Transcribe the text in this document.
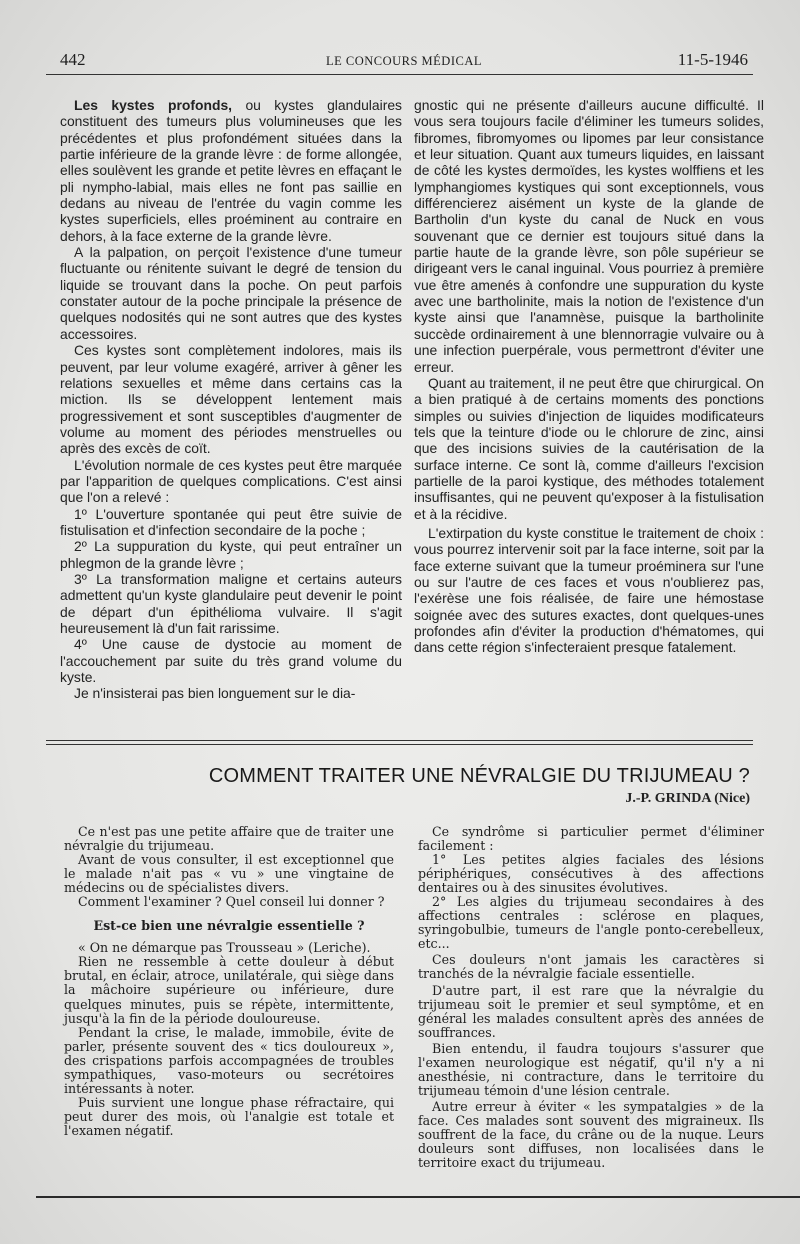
442	LE CONCOURS MÉDICAL	11-5-1946

Les kystes profonds, ou kystes glandulaires constituent des tumeurs plus volumineuses que les précédentes et plus profondément situées dans la partie inférieure de la grande lèvre : de forme allongée, elles soulèvent les grande et petite lèvres en effaçant le pli nympho-labial, mais elles ne font pas saillie en dedans au niveau de l'entrée du vagin comme les kystes superficiels, elles proéminent au contraire en dehors, à la face externe de la grande lèvre.

A la palpation, on perçoit l'existence d'une tumeur fluctuante ou rénitente suivant le degré de tension du liquide se trouvant dans la poche. On peut parfois constater autour de la poche principale la présence de quelques nodosités qui ne sont autres que des kystes accessoires.

Ces kystes sont complètement indolores, mais ils peuvent, par leur volume exagéré, arriver à gêner les relations sexuelles et même dans certains cas la miction. Ils se développent lentement mais progressivement et sont susceptibles d'augmenter de volume au moment des périodes menstruelles ou après des excès de coït.

L'évolution normale de ces kystes peut être marquée par l'apparition de quelques complications. C'est ainsi que l'on a relevé :

1º L'ouverture spontanée qui peut être suivie de fistulisation et d'infection secondaire de la poche ;

2º La suppuration du kyste, qui peut entraîner un phlegmon de la grande lèvre ;

3º La transformation maligne et certains auteurs admettent qu'un kyste glandulaire peut devenir le point de départ d'un épithélioma vulvaire. Il s'agit heureusement là d'un fait rarissime.

4º Une cause de dystocie au moment de l'accouchement par suite du très grand volume du kyste.

Je n'insisterai pas bien longuement sur le dia-

gnostic qui ne présente d'ailleurs aucune difficulté. Il vous sera toujours facile d'éliminer les tumeurs solides, fibromes, fibromyomes ou lipomes par leur consistance et leur situation. Quant aux tumeurs liquides, en laissant de côté les kystes dermoïdes, les kystes wolffiens et les lymphangiomes kystiques qui sont exceptionnels, vous différencierez aisément un kyste de la glande de Bartholin d'un kyste du canal de Nuck en vous souvenant que ce dernier est toujours situé dans la partie haute de la grande lèvre, son pôle supérieur se dirigeant vers le canal inguinal. Vous pourriez à première vue être amenés à confondre une suppuration du kyste avec une bartholinite, mais la notion de l'existence d'un kyste ainsi que l'anamnèse, puisque la bartholinite succède ordinairement à une blennorragie vulvaire ou à une infection puerpérale, vous permettront d'éviter une erreur.

Quant au traitement, il ne peut être que chirurgical. On a bien pratiqué à de certains moments des ponctions simples ou suivies d'injection de liquides modificateurs tels que la teinture d'iode ou le chlorure de zinc, ainsi que des incisions suivies de la cautérisation de la surface interne. Ce sont là, comme d'ailleurs l'excision partielle de la paroi kystique, des méthodes totalement insuffisantes, qui ne peuvent qu'exposer à la fistulisation et à la récidive.

L'extirpation du kyste constitue le traitement de choix : vous pourrez intervenir soit par la face interne, soit par la face externe suivant que la tumeur proéminera sur l'une ou sur l'autre de ces faces et vous n'oublierez pas, l'exérèse une fois réalisée, de faire une hémostase soignée avec des sutures exactes, dont quelques-unes profondes afin d'éviter la production d'hématomes, qui dans cette région s'infecteraient presque fatalement.

COMMENT TRAITER UNE NÉVRALGIE DU TRIJUMEAU ?
J.-P. GRINDA (Nice)

Ce n'est pas une petite affaire que de traiter une névralgie du trijumeau.

Avant de vous consulter, il est exceptionnel que le malade n'ait pas « vu » une vingtaine de médecins ou de spécialistes divers.

Comment l'examiner ? Quel conseil lui donner ?

Est-ce bien une névralgie essentielle ?

« On ne démarque pas Trousseau » (Leriche).

Rien ne ressemble à cette douleur à début brutal, en éclair, atroce, unilatérale, qui siège dans la mâchoire supérieure ou inférieure, dure quelques minutes, puis se répète, intermittente, jusqu'à la fin de la période douloureuse.

Pendant la crise, le malade, immobile, évite de parler, présente souvent des « tics douloureux », des crispations parfois accompagnées de troubles sympathiques, vaso-moteurs ou secrétoires intéressants à noter.

Puis survient une longue phase réfractaire, qui peut durer des mois, où l'analgie est totale et l'examen négatif.

Ce syndrôme si particulier permet d'éliminer facilement :

1° Les petites algies faciales des lésions périphériques, consécutives à des affections dentaires ou à des sinusites évolutives.

2° Les algies du trijumeau secondaires à des affections centrales : sclérose en plaques, syringobulbie, tumeurs de l'angle ponto-cerebelleux, etc...

Ces douleurs n'ont jamais les caractères si tranchés de la névralgie faciale essentielle.

D'autre part, il est rare que la névralgie du trijumeau soit le premier et seul symptôme, et en général les malades consultent après des années de souffrances.

Bien entendu, il faudra toujours s'assurer que l'examen neurologique est négatif, qu'il n'y a ni anesthésie, ni contracture, dans le territoire du trijumeau témoin d'une lésion centrale.

Autre erreur à éviter « les sympatalgies » de la face. Ces malades sont souvent des migraineux. Ils souffrent de la face, du crâne ou de la nuque. Leurs douleurs sont diffuses, non localisées dans le territoire exact du trijumeau.
